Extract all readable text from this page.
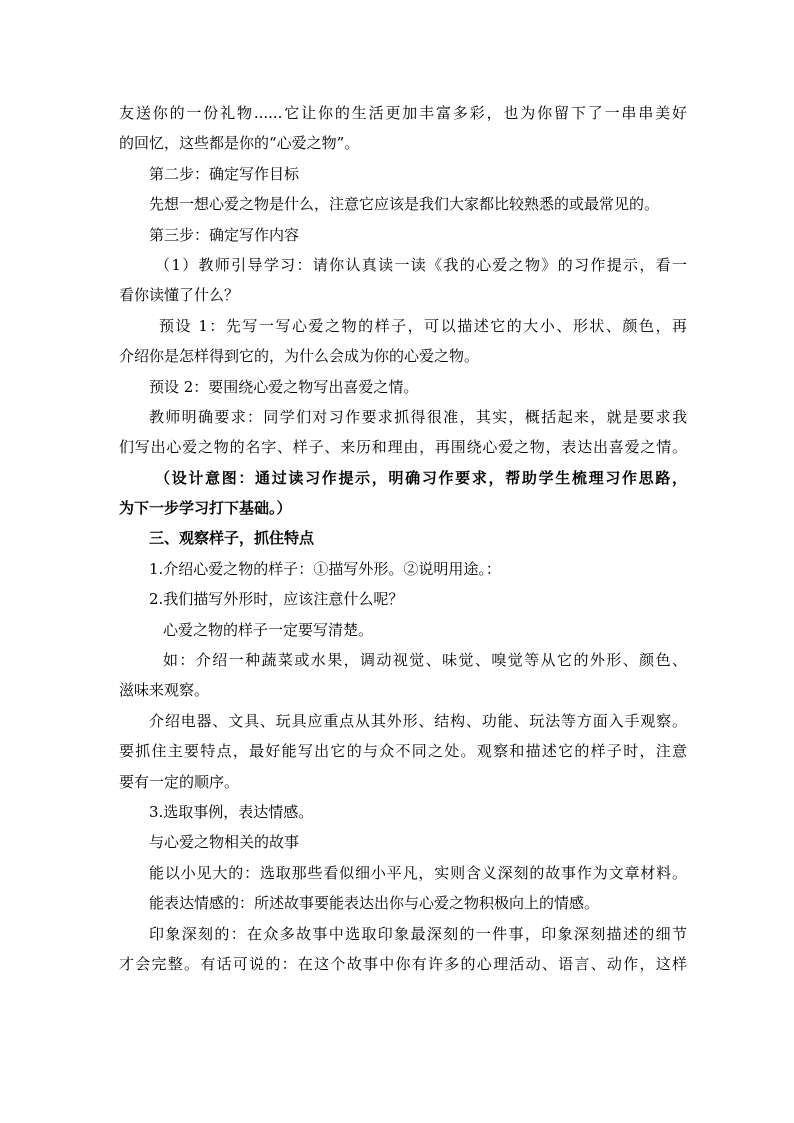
友送你的一份礼物......它让你的生活更加丰富多彩，也为你留下了一串串美好
的回忆，这些都是你的“心爱之物”。
第二步：确定写作目标
先想一想心爱之物是什么，注意它应该是我们大家都比较熟悉的或最常见的。
第三步：确定写作内容
（1）教师引导学习：请你认真读一读《我的心爱之物》的习作提示，看一
看你读懂了什么？
预设 1：先写一写心爱之物的样子，可以描述它的大小、形状、颜色，再
介绍你是怎样得到它的，为什么会成为你的心爱之物。
预设 2：要围绕心爱之物写出喜爱之情。
教师明确要求：同学们对习作要求抓得很准，其实，概括起来，就是要求我
们写出心爱之物的名字、样子、来历和理由，再围绕心爱之物，表达出喜爱之情。
（设计意图：通过读习作提示，明确习作要求，帮助学生梳理习作思路，
为下一步学习打下基础。）
三、观察样子，抓住特点
1.介绍心爱之物的样子：①描写外形。②说明用途。：
2.我们描写外形时，应该注意什么呢？
心爱之物的样子一定要写清楚。
如：介绍一种蔬菜或水果，调动视觉、味觉、嗅觉等从它的外形、颜色、
滋味来观察。
介绍电器、文具、玩具应重点从其外形、结构、功能、玩法等方面入手观察。
要抓住主要特点，最好能写出它的与众不同之处。观察和描述它的样子时，注意
要有一定的顺序。
3.选取事例，表达情感。
与心爱之物相关的故事
能以小见大的：选取那些看似细小平凡，实则含义深刻的故事作为文章材料。
能表达情感的：所述故事要能表达出你与心爱之物积极向上的情感。
印象深刻的：在众多故事中选取印象最深刻的一件事，印象深刻描述的细节
才会完整。有话可说的：在这个故事中你有许多的心理活动、语言、动作，这样
